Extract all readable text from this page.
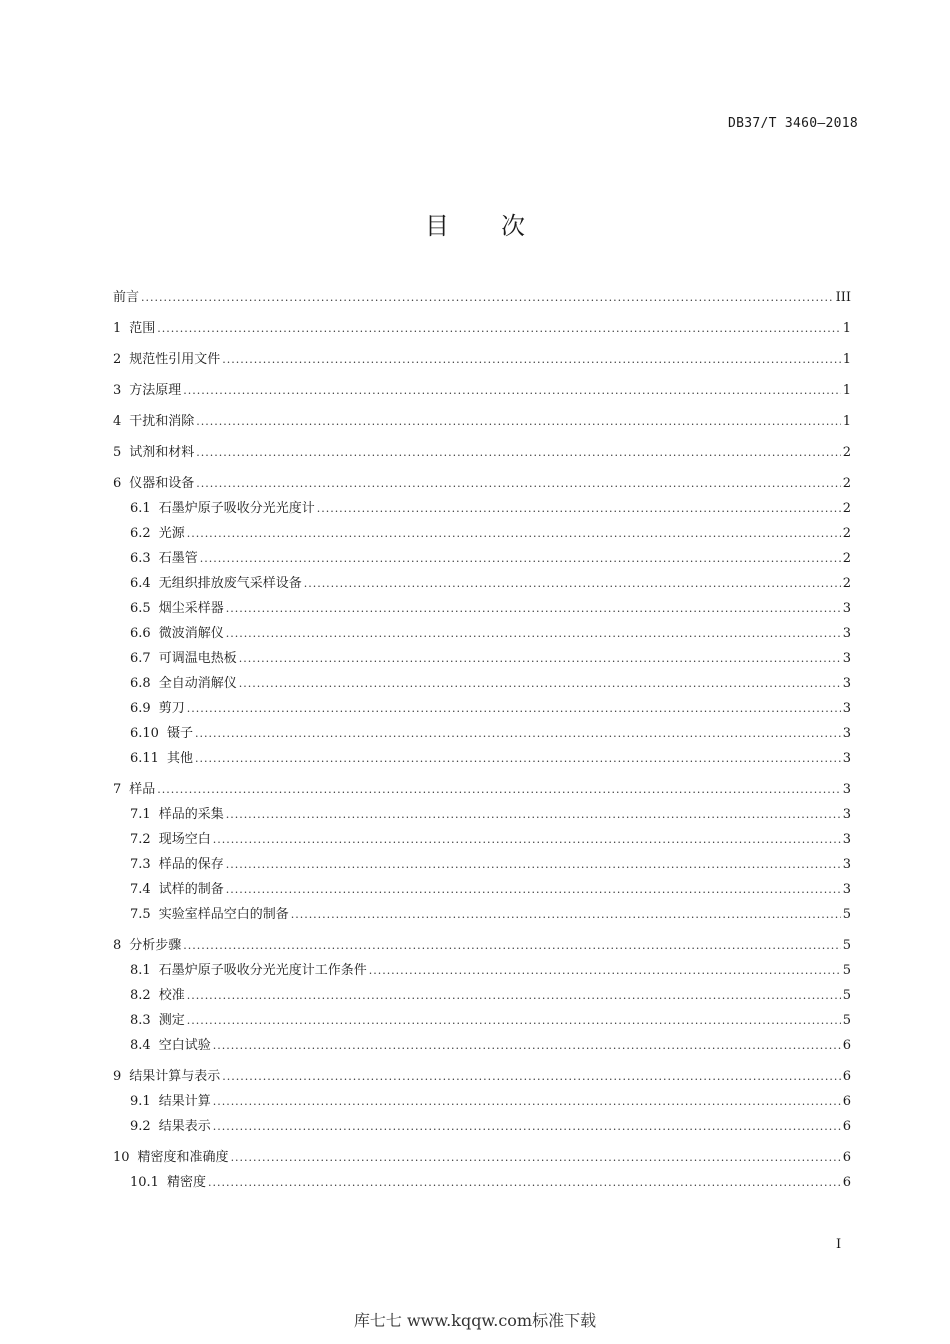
DB37/T 3460—2018
目次
前言 .....	III
1 范围 .....	1
2 规范性引用文件 .....	1
3 方法原理 .....	1
4 干扰和消除 .....	1
5 试剂和材料 .....	2
6 仪器和设备 .....	2
6.1 石墨炉原子吸收分光光度计 .....	2
6.2 光源 .....	2
6.3 石墨管 .....	2
6.4 无组织排放废气采样设备 .....	2
6.5 烟尘采样器 .....	3
6.6 微波消解仪 .....	3
6.7 可调温电热板 .....	3
6.8 全自动消解仪 .....	3
6.9 剪刀 .....	3
6.10 镊子 .....	3
6.11 其他 .....	3
7 样品 .....	3
7.1 样品的采集 .....	3
7.2 现场空白 .....	3
7.3 样品的保存 .....	3
7.4 试样的制备 .....	3
7.5 实验室样品空白的制备 .....	5
8 分析步骤 .....	5
8.1 石墨炉原子吸收分光光度计工作条件 .....	5
8.2 校准 .....	5
8.3 测定 .....	5
8.4 空白试验 .....	6
9 结果计算与表示 .....	6
9.1 结果计算 .....	6
9.2 结果表示 .....	6
10 精密度和准确度 .....	6
10.1 精密度 .....	6
I
库七七 www.kqqw.com标准下载
